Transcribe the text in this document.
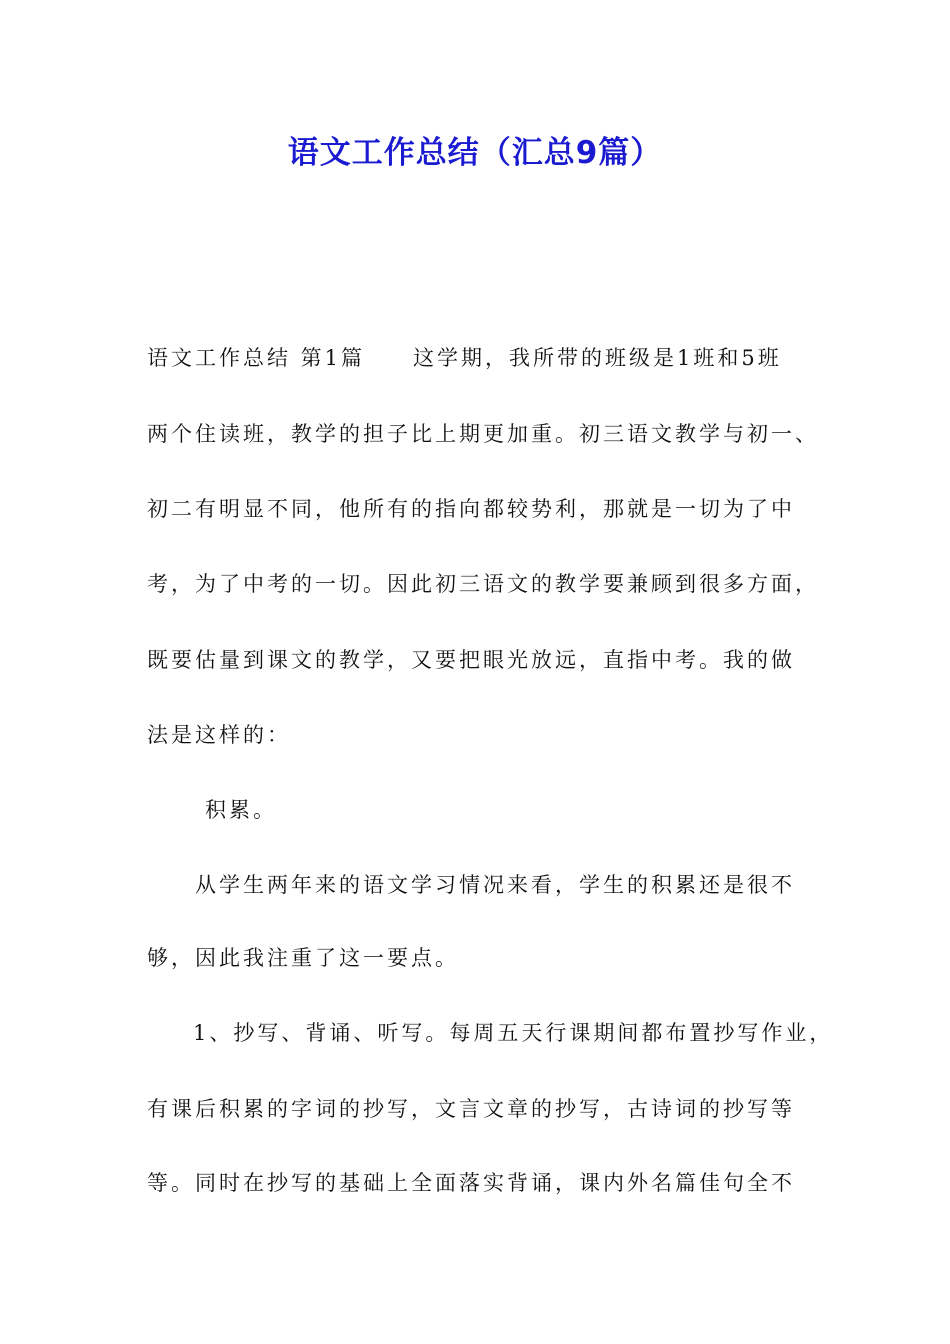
语文工作总结（汇总9篇）
语文工作总结 第1篇 这学期，我所带的班级是1班和5班
两个住读班，教学的担子比上期更加重。初三语文教学与初一、
初二有明显不同，他所有的指向都较势利，那就是一切为了中
考，为了中考的一切。因此初三语文的教学要兼顾到很多方面，
既要估量到课文的教学，又要把眼光放远，直指中考。我的做
法是这样的：
积累。
从学生两年来的语文学习情况来看，学生的积累还是很不
够，因此我注重了这一要点。
1、抄写、背诵、听写。每周五天行课期间都布置抄写作业，
有课后积累的字词的抄写，文言文章的抄写，古诗词的抄写等
等。同时在抄写的基础上全面落实背诵，课内外名篇佳句全不
